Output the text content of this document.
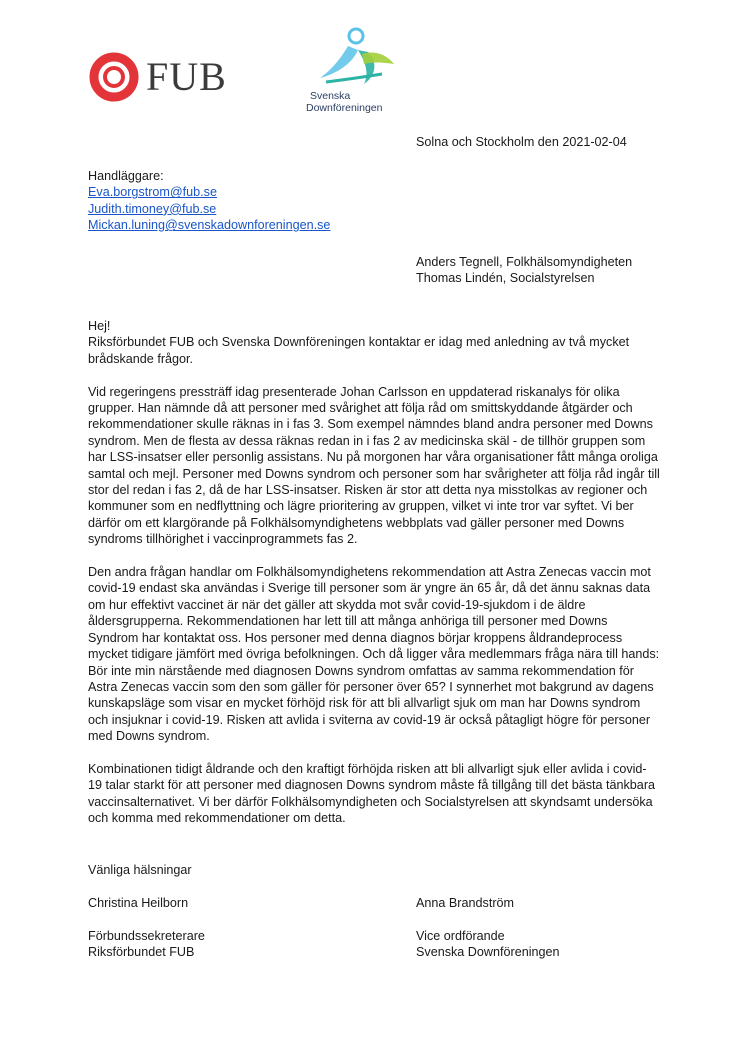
FUB	Svenska
Downföreningen
Solna och Stockholm den 2021-02-04
Handläggare:
Eva.borgstrom@fub.se
Judith.timoney@fub.se
Mickan.luning@svenskadownforeningen.se
Anders Tegnell, Folkhälsomyndigheten
Thomas Lindén, Socialstyrelsen
Hej!

Riksförbundet FUB och Svenska Downföreningen kontaktar er idag med anledning av två mycket brådskande frågor.

Vid regeringens pressträff idag presenterade Johan Carlsson en uppdaterad riskanalys för olika grupper. Han nämnde då att personer med svårighet att följa råd om smittskyddande åtgärder och rekommendationer skulle räknas in i fas 3. Som exempel nämndes bland andra personer med Downs syndrom. Men de flesta av dessa räknas redan in i fas 2 av medicinska skäl - de tillhör gruppen som har LSS-insatser eller personlig assistans. Nu på morgonen har våra organisationer fått många oroliga samtal och mejl. Personer med Downs syndrom och personer som har svårigheter att följa råd ingår till stor del redan i fas 2, då de har LSS-insatser. Risken är stor att detta nya misstolkas av regioner och kommuner som en nedflyttning och lägre prioritering av gruppen, vilket vi inte tror var syftet. Vi ber därför om ett klargörande på Folkhälsomyndighetens webbplats vad gäller personer med Downs syndroms tillhörighet i vaccinprogrammets fas 2.

Den andra frågan handlar om Folkhälsomyndighetens rekommendation att Astra Zenecas vaccin mot covid-19 endast ska användas i Sverige till personer som är yngre än 65 år, då det ännu saknas data om hur effektivt vaccinet är när det gäller att skydda mot svår covid-19-sjukdom i de äldre åldersgrupperna. Rekommendationen har lett till att många anhöriga till personer med Downs Syndrom har kontaktat oss. Hos personer med denna diagnos börjar kroppens åldrandeprocess mycket tidigare jämfört med övriga befolkningen. Och då ligger våra medlemmars fråga nära till hands: Bör inte min närstående med diagnosen Downs syndrom omfattas av samma rekommendation för Astra Zenecas vaccin som den som gäller för personer över 65? I synnerhet mot bakgrund av dagens kunskapsläge som visar en mycket förhöjd risk för att bli allvarligt sjuk om man har Downs syndrom och insjuknar i covid-19. Risken att avlida i sviterna av covid-19 är också påtagligt högre för personer med Downs syndrom.

Kombinationen tidigt åldrande och den kraftigt förhöjda risken att bli allvarligt sjuk eller avlida i covid-19 talar starkt för att personer med diagnosen Downs syndrom måste få tillgång till det bästa tänkbara vaccinsalternativet. Vi ber därför Folkhälsomyndigheten och Socialstyrelsen att skyndsamt undersöka och komma med rekommendationer om detta.

Vänliga hälsningar
Christina Heilborn	Anna Brandström
Förbundssekreterare
Riksförbundet FUB
Vice ordförande
Svenska Downföreningen
